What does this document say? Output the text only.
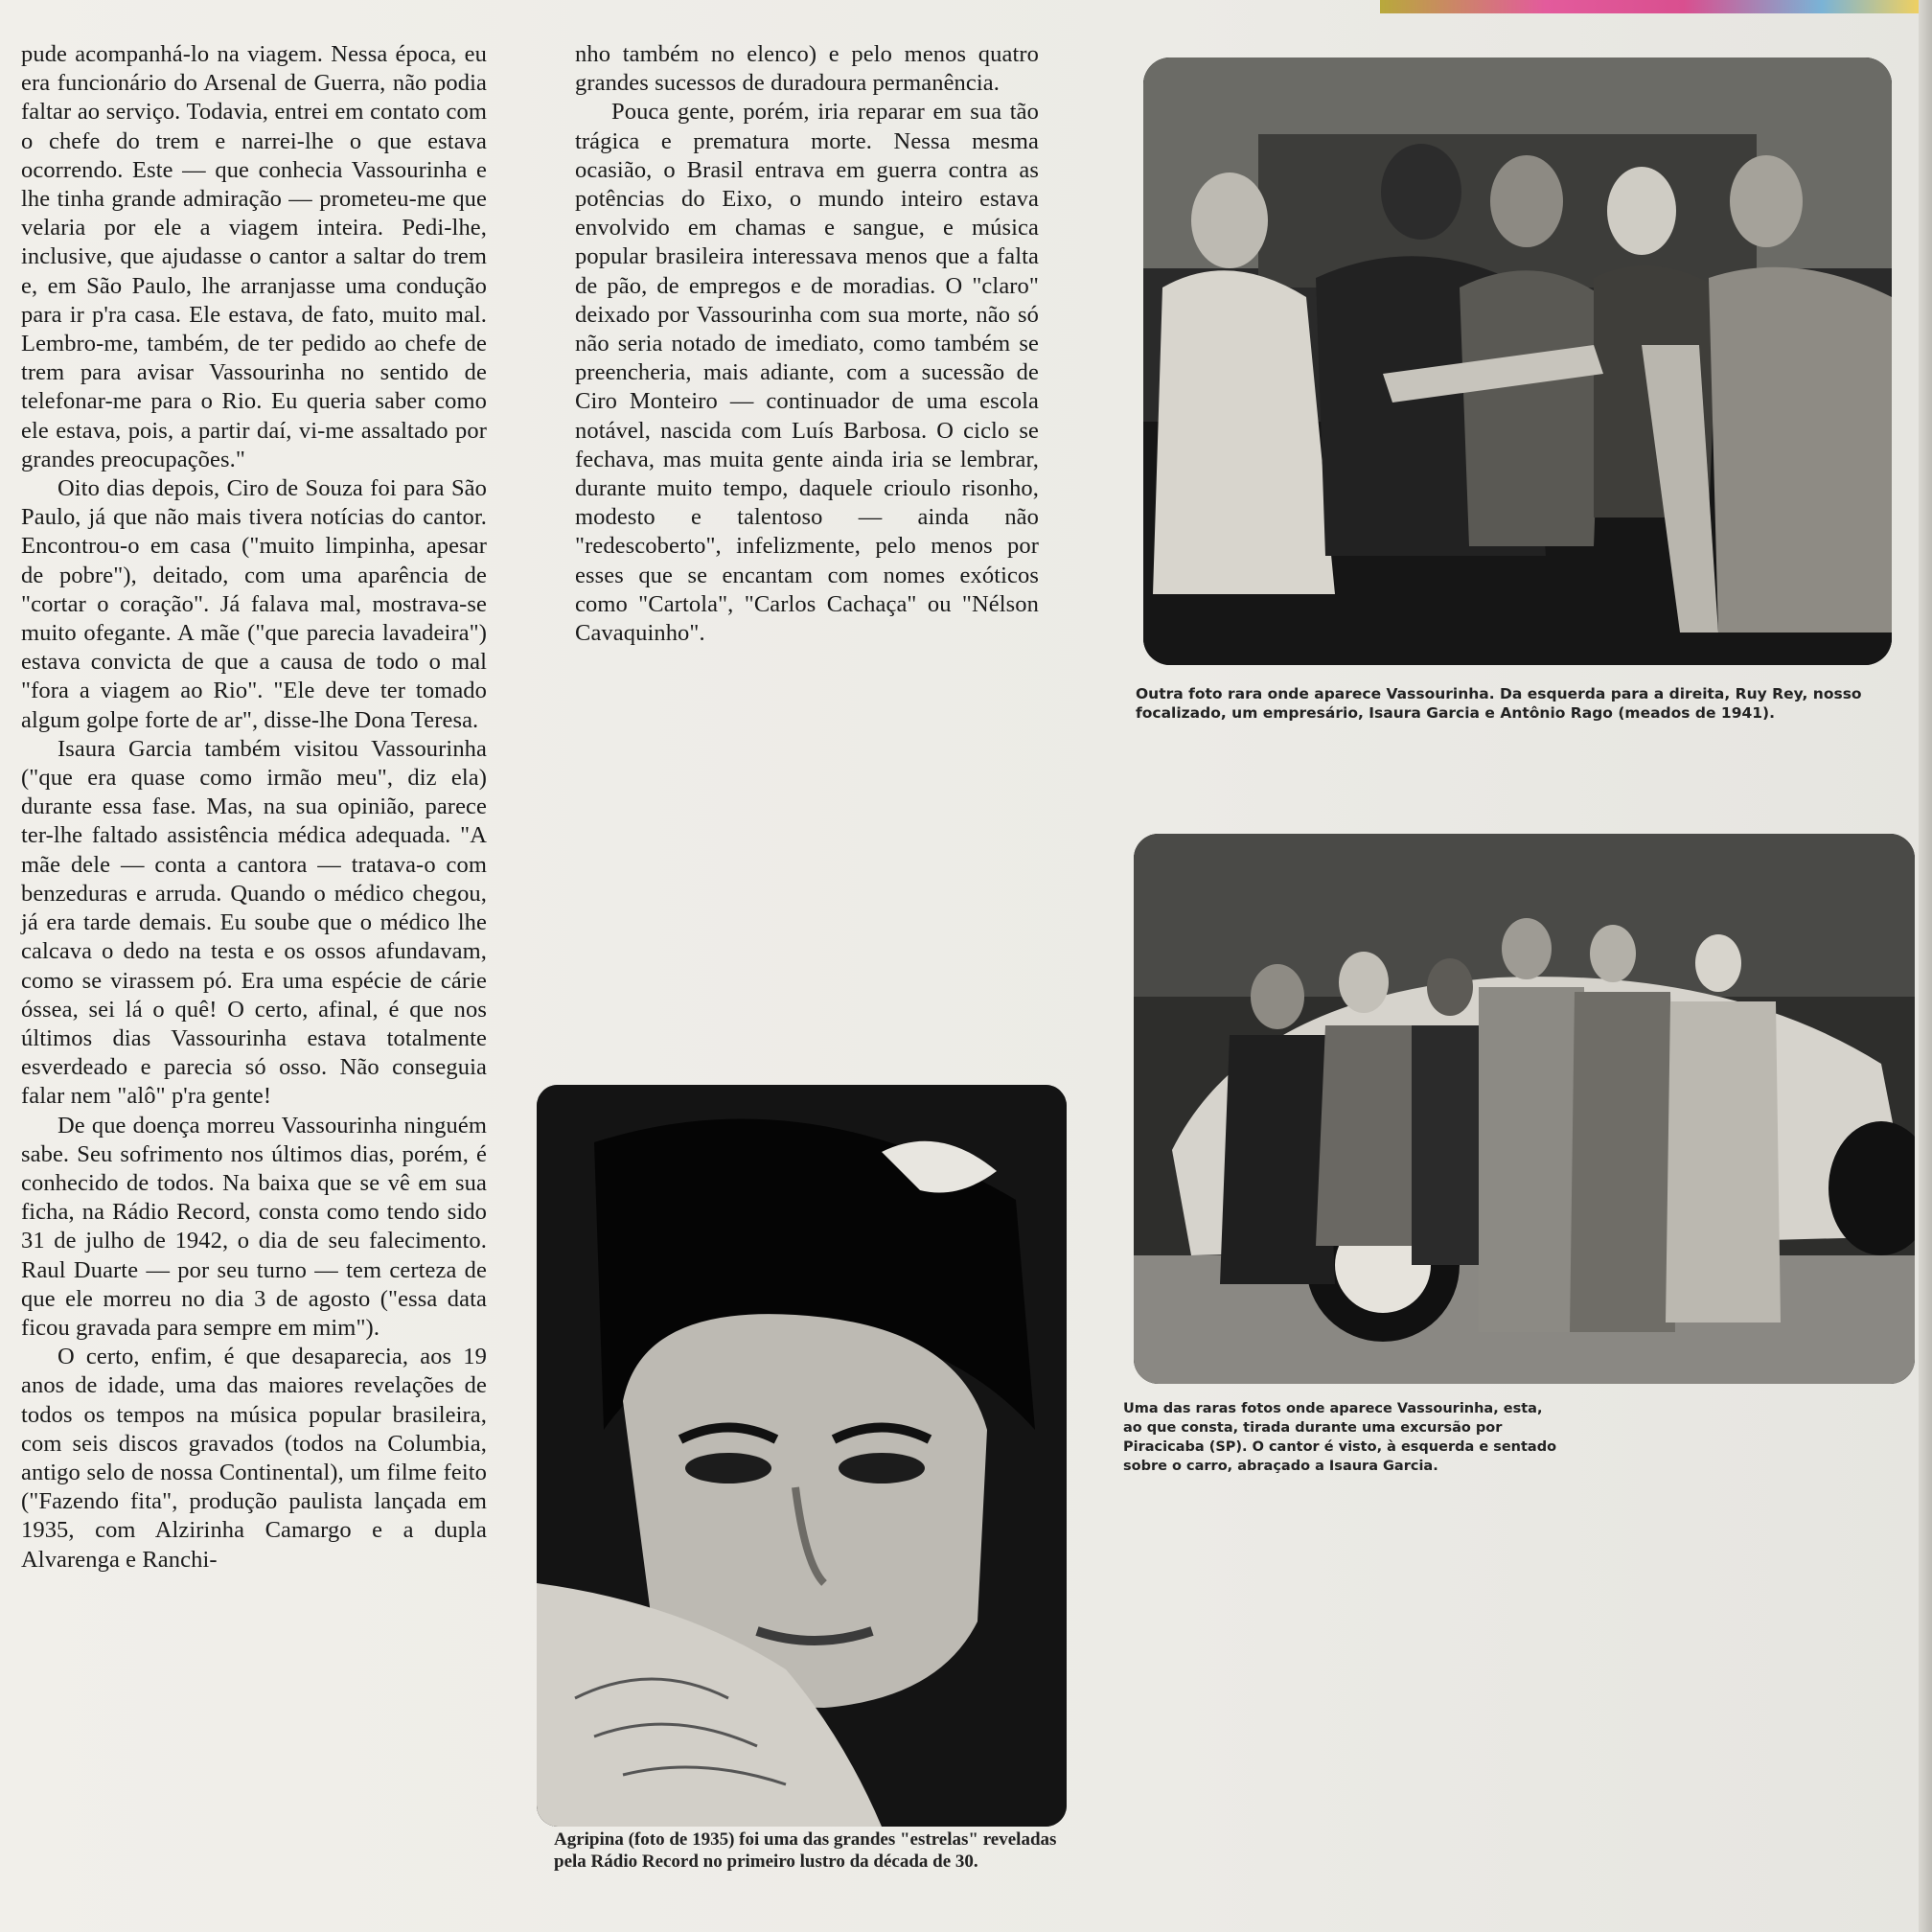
pude acompanhá-lo na viagem. Nessa época, eu era funcionário do Arsenal de Guerra, não podia faltar ao serviço. Todavia, entrei em contato com o chefe do trem e narrei-lhe o que estava ocorrendo. Este — que conhecia Vassourinha e lhe tinha grande admiração — prometeu-me que velaria por ele a viagem inteira. Pedi-lhe, inclusive, que ajudasse o cantor a saltar do trem e, em São Paulo, lhe arranjasse uma condução para ir p'ra casa. Ele estava, de fato, muito mal. Lembro-me, também, de ter pedido ao chefe de trem para avisar Vassourinha no sentido de telefonar-me para o Rio. Eu queria saber como ele estava, pois, a partir daí, vi-me assaltado por grandes preocupações."

Oito dias depois, Ciro de Souza foi para São Paulo, já que não mais tivera notícias do cantor. Encontrou-o em casa ("muito limpinha, apesar de pobre"), deitado, com uma aparência de "cortar o coração". Já falava mal, mostrava-se muito ofegante. A mãe ("que parecia lavadeira") estava convicta de que a causa de todo o mal "fora a viagem ao Rio". "Ele deve ter tomado algum golpe forte de ar", disse-lhe Dona Teresa.

Isaura Garcia também visitou Vassourinha ("que era quase como irmão meu", diz ela) durante essa fase. Mas, na sua opinião, parece ter-lhe faltado assistência médica adequada. "A mãe dele — conta a cantora — tratava-o com benzeduras e arruda. Quando o médico chegou, já era tarde demais. Eu soube que o médico lhe calcava o dedo na testa e os ossos afundavam, como se virassem pó. Era uma espécie de cárie óssea, sei lá o quê! O certo, afinal, é que nos últimos dias Vassourinha estava totalmente esverdeado e parecia só osso. Não conseguia falar nem "alô" p'ra gente!

De que doença morreu Vassourinha ninguém sabe. Seu sofrimento nos últimos dias, porém, é conhecido de todos. Na baixa que se vê em sua ficha, na Rádio Record, consta como tendo sido 31 de julho de 1942, o dia de seu falecimento. Raul Duarte — por seu turno — tem certeza de que ele morreu no dia 3 de agosto ("essa data ficou gravada para sempre em mim").

O certo, enfim, é que desaparecia, aos 19 anos de idade, uma das maiores revelações de todos os tempos na música popular brasileira, com seis discos gravados (todos na Columbia, antigo selo de nossa Continental), um filme feito ("Fazendo fita", produção paulista lançada em 1935, com Alzirinha Camargo e a dupla Alvarenga e Ranchi-

nho também no elenco) e pelo menos quatro grandes sucessos de duradoura permanência.

Pouca gente, porém, iria reparar em sua tão trágica e prematura morte. Nessa mesma ocasião, o Brasil entrava em guerra contra as potências do Eixo, o mundo inteiro estava envolvido em chamas e sangue, e música popular brasileira interessava menos que a falta de pão, de empregos e de moradias. O "claro" deixado por Vassourinha com sua morte, não só não seria notado de imediato, como também se preencheria, mais adiante, com a sucessão de Ciro Monteiro — continuador de uma escola notável, nascida com Luís Barbosa. O ciclo se fechava, mas muita gente ainda iria se lembrar, durante muito tempo, daquele crioulo risonho, modesto e talentoso — ainda não "redescoberto", infelizmente, pelo menos por esses que se encantam com nomes exóticos como "Cartola", "Carlos Cachaça" ou "Nélson Cavaquinho".

Outra foto rara onde aparece Vassourinha. Da esquerda para a direita, Ruy Rey, nosso focalizado, um empresário, Isaura Garcia e Antônio Rago (meados de 1941).
Uma das raras fotos onde aparece Vassourinha, esta, ao que consta, tirada durante uma excursão por Piracicaba (SP). O cantor é visto, à esquerda e sentado sobre o carro, abraçado a Isaura Garcia.
Agripina (foto de 1935) foi uma das grandes "estrelas" reveladas pela Rádio Record no primeiro lustro da década de 30.
